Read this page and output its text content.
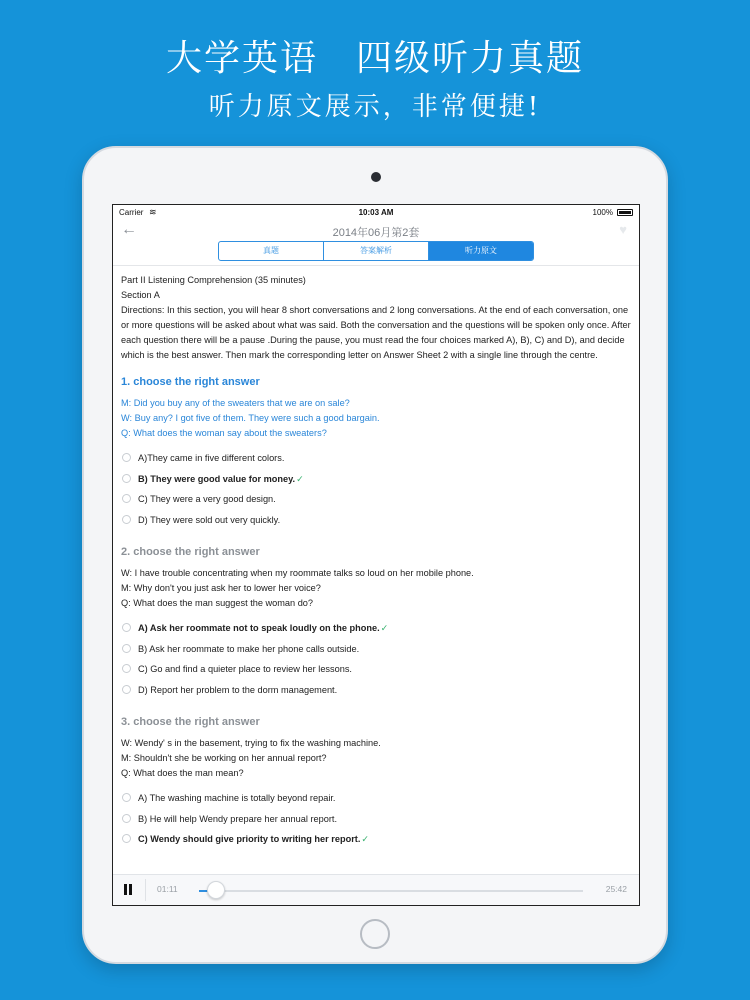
大学英语　四级听力真题
听力原文展示，非常便捷!
Carrier ≋	10:03 AM	100%
←	2014年06月第2套	♥
真题	答案解析	听力原文

Part II Listening Comprehension (35 minutes)

Section A

Directions: In this section, you will hear 8 short conversations and 2 long conversations. At the end of each conversation, one or more questions will be asked about what was said. Both the conversation and the questions will be spoken only once. After each question there will be a pause .During the pause, you must read the four choices marked A), B), C) and D), and decide which is the best answer. Then mark the corresponding letter on Answer Sheet 2 with a single line through the centre.

1. choose the right answer

M: Did you buy any of the sweaters that we are on sale?

W: Buy any? I got five of them. They were such a good bargain.

Q: What does the woman say about the sweaters?

A)They came in five different colors.
B) They were good value for money.✓
C) They were a very good design.
D) They were sold out very quickly.
2. choose the right answer

W: I have trouble concentrating when my roommate talks so loud on her mobile phone.

M: Why don't you just ask her to lower her voice?

Q: What does the man suggest the woman do?

A) Ask her roommate not to speak loudly on the phone.✓
B) Ask her roommate to make her phone calls outside.
C) Go and find a quieter place to review her lessons.
D) Report her problem to the dorm management.
3. choose the right answer

W: Wendy' s in the basement, trying to fix the washing machine.

M: Shouldn't she be working on her annual report?

Q: What does the man mean?

A) The washing machine is totally beyond repair.
B) He will help Wendy prepare her annual report.
C) Wendy should give priority to writing her report.✓
01:11	25:42
